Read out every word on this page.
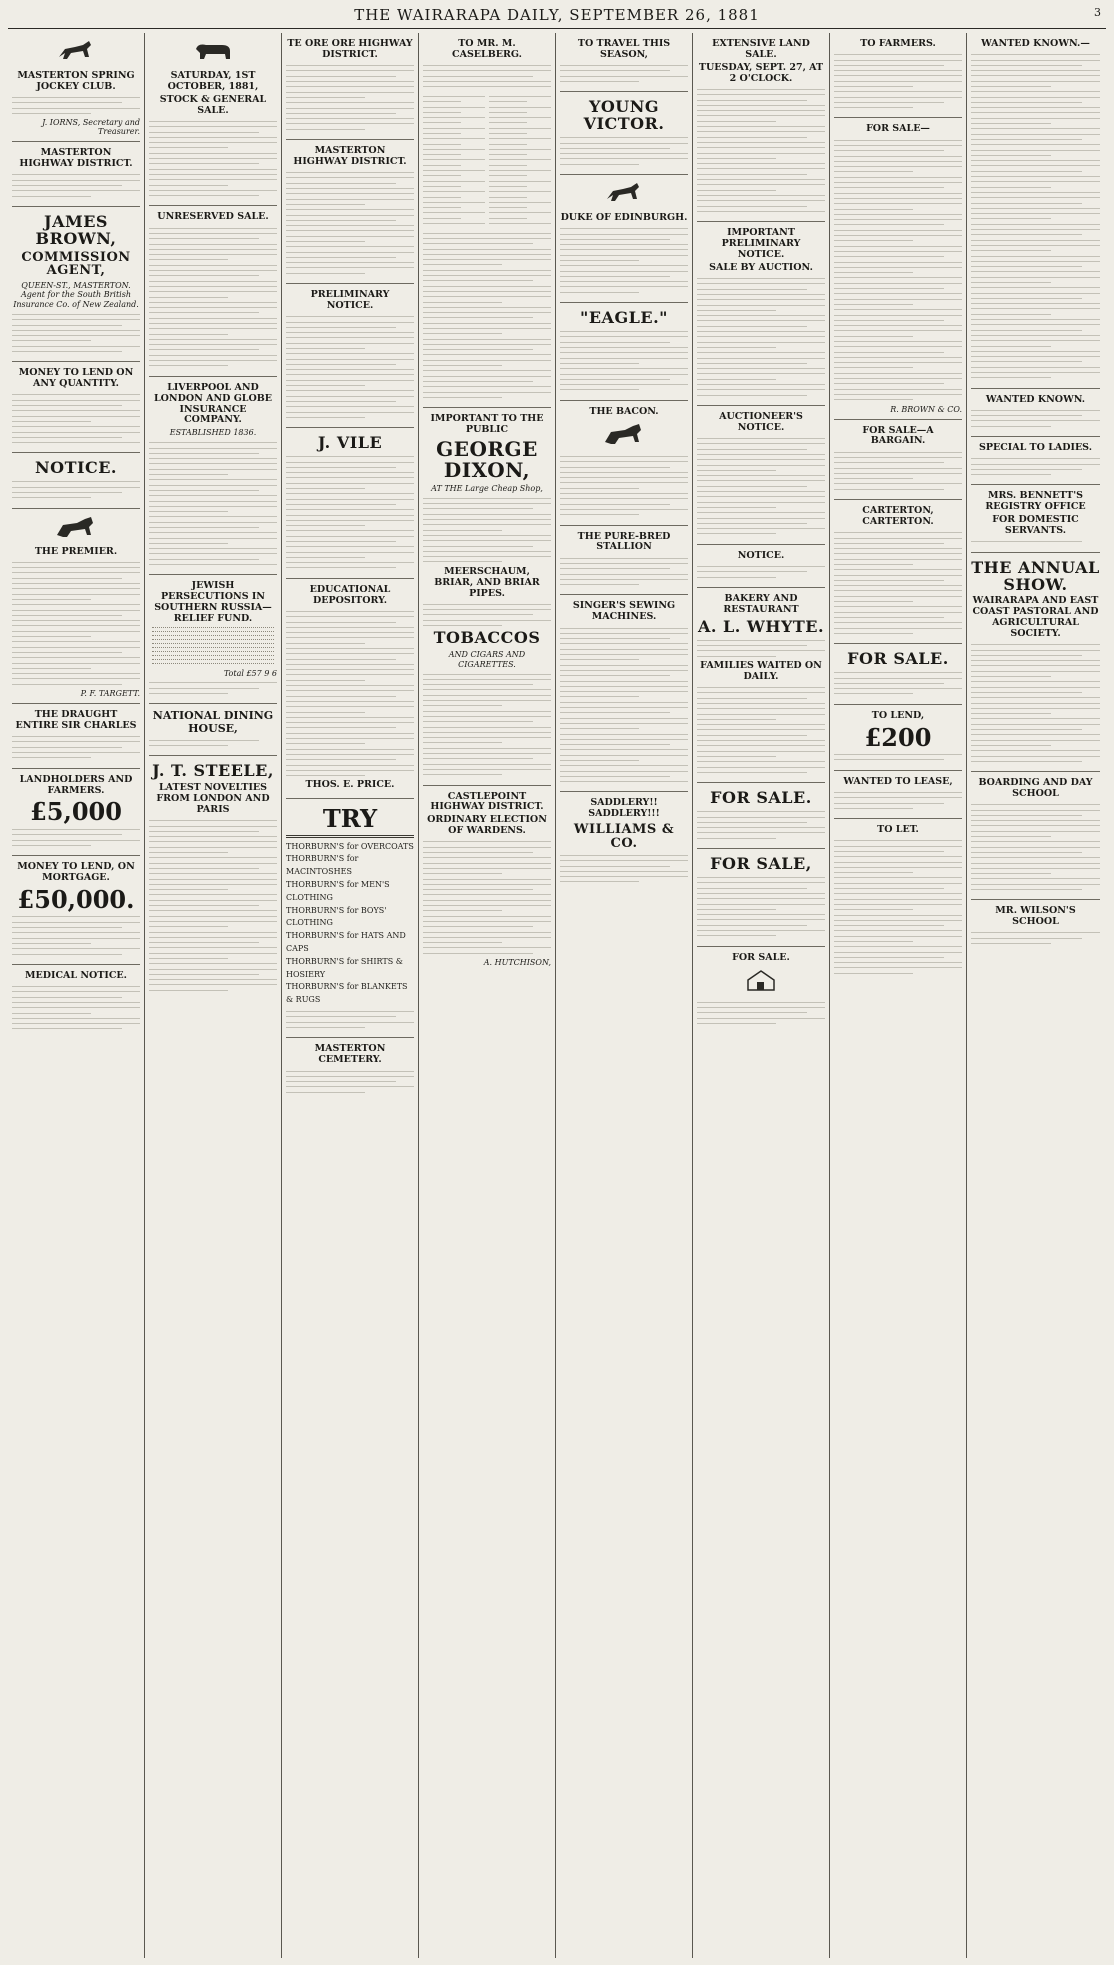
THE WAIRARAPA DAILY, SEPTEMBER 26, 1881	3
MASTERTON SPRING JOCKEY CLUB.
J. IORNS, Secretary and Treasurer.
MASTERTON HIGHWAY DISTRICT.
JAMES BROWN,
COMMISSION AGENT,
QUEEN-ST., MASTERTON.
Agent for the South British Insurance Co. of New Zealand.
MONEY TO LEND ON ANY QUANTITY.
NOTICE.
THE PREMIER.
P. F. TARGETT.
THE DRAUGHT ENTIRE SIR CHARLES
LANDHOLDERS AND FARMERS.
£5,000
MONEY TO LEND, ON MORTGAGE.
£50,000.
MEDICAL NOTICE.
SATURDAY, 1ST OCTOBER, 1881,
STOCK & GENERAL SALE.
UNRESERVED SALE.
LIVERPOOL AND LONDON AND GLOBE INSURANCE COMPANY.
ESTABLISHED 1836.
JEWISH PERSECUTIONS IN SOUTHERN RUSSIA—RELIEF FUND.
Total £57 9 6
NATIONAL DINING HOUSE,
J. T. STEELE,
LATEST NOVELTIES FROM LONDON AND PARIS
TE ORE ORE HIGHWAY DISTRICT.
MASTERTON HIGHWAY DISTRICT.
PRELIMINARY NOTICE.
J. VILE
EDUCATIONAL DEPOSITORY.
THOS. E. PRICE.
TRY
THORBURN'S for OVERCOATS
THORBURN'S for MACINTOSHES
THORBURN'S for MEN'S CLOTHING
THORBURN'S for BOYS' CLOTHING
THORBURN'S for HATS AND CAPS
THORBURN'S for SHIRTS & HOSIERY
THORBURN'S for BLANKETS & RUGS
MASTERTON CEMETERY.
TO MR. M. CASELBERG.
IMPORTANT TO THE PUBLIC
GEORGE DIXON,
AT THE Large Cheap Shop,
MEERSCHAUM, BRIAR, AND BRIAR PIPES.
TOBACCOS
AND CIGARS AND CIGARETTES.
CASTLEPOINT HIGHWAY DISTRICT.
ORDINARY ELECTION OF WARDENS.
A. HUTCHISON,
TO TRAVEL THIS SEASON,
YOUNG VICTOR.
DUKE OF EDINBURGH.
"EAGLE."
THE BACON.
THE PURE-BRED STALLION
SINGER'S SEWING MACHINES.
SADDLERY!! SADDLERY!!!
WILLIAMS & CO.
EXTENSIVE LAND SALE.
TUESDAY, SEPT. 27, AT 2 O'CLOCK.
IMPORTANT PRELIMINARY NOTICE.
SALE BY AUCTION.
AUCTIONEER'S NOTICE.
NOTICE.
BAKERY AND RESTAURANT
A. L. WHYTE.
FAMILIES WAITED ON DAILY.
FOR SALE.
FOR SALE,
FOR SALE.
TO FARMERS.
FOR SALE—
R. BROWN & CO.
FOR SALE—A BARGAIN.
CARTERTON, CARTERTON.
FOR SALE.
TO LEND,
£200
WANTED TO LEASE,
TO LET.
WANTED KNOWN.—
WANTED KNOWN.
SPECIAL TO LADIES.
MRS. BENNETT'S REGISTRY OFFICE
FOR DOMESTIC SERVANTS.
THE ANNUAL SHOW.
WAIRARAPA AND EAST COAST PASTORAL AND AGRICULTURAL SOCIETY.
BOARDING AND DAY SCHOOL
MR. WILSON'S SCHOOL
